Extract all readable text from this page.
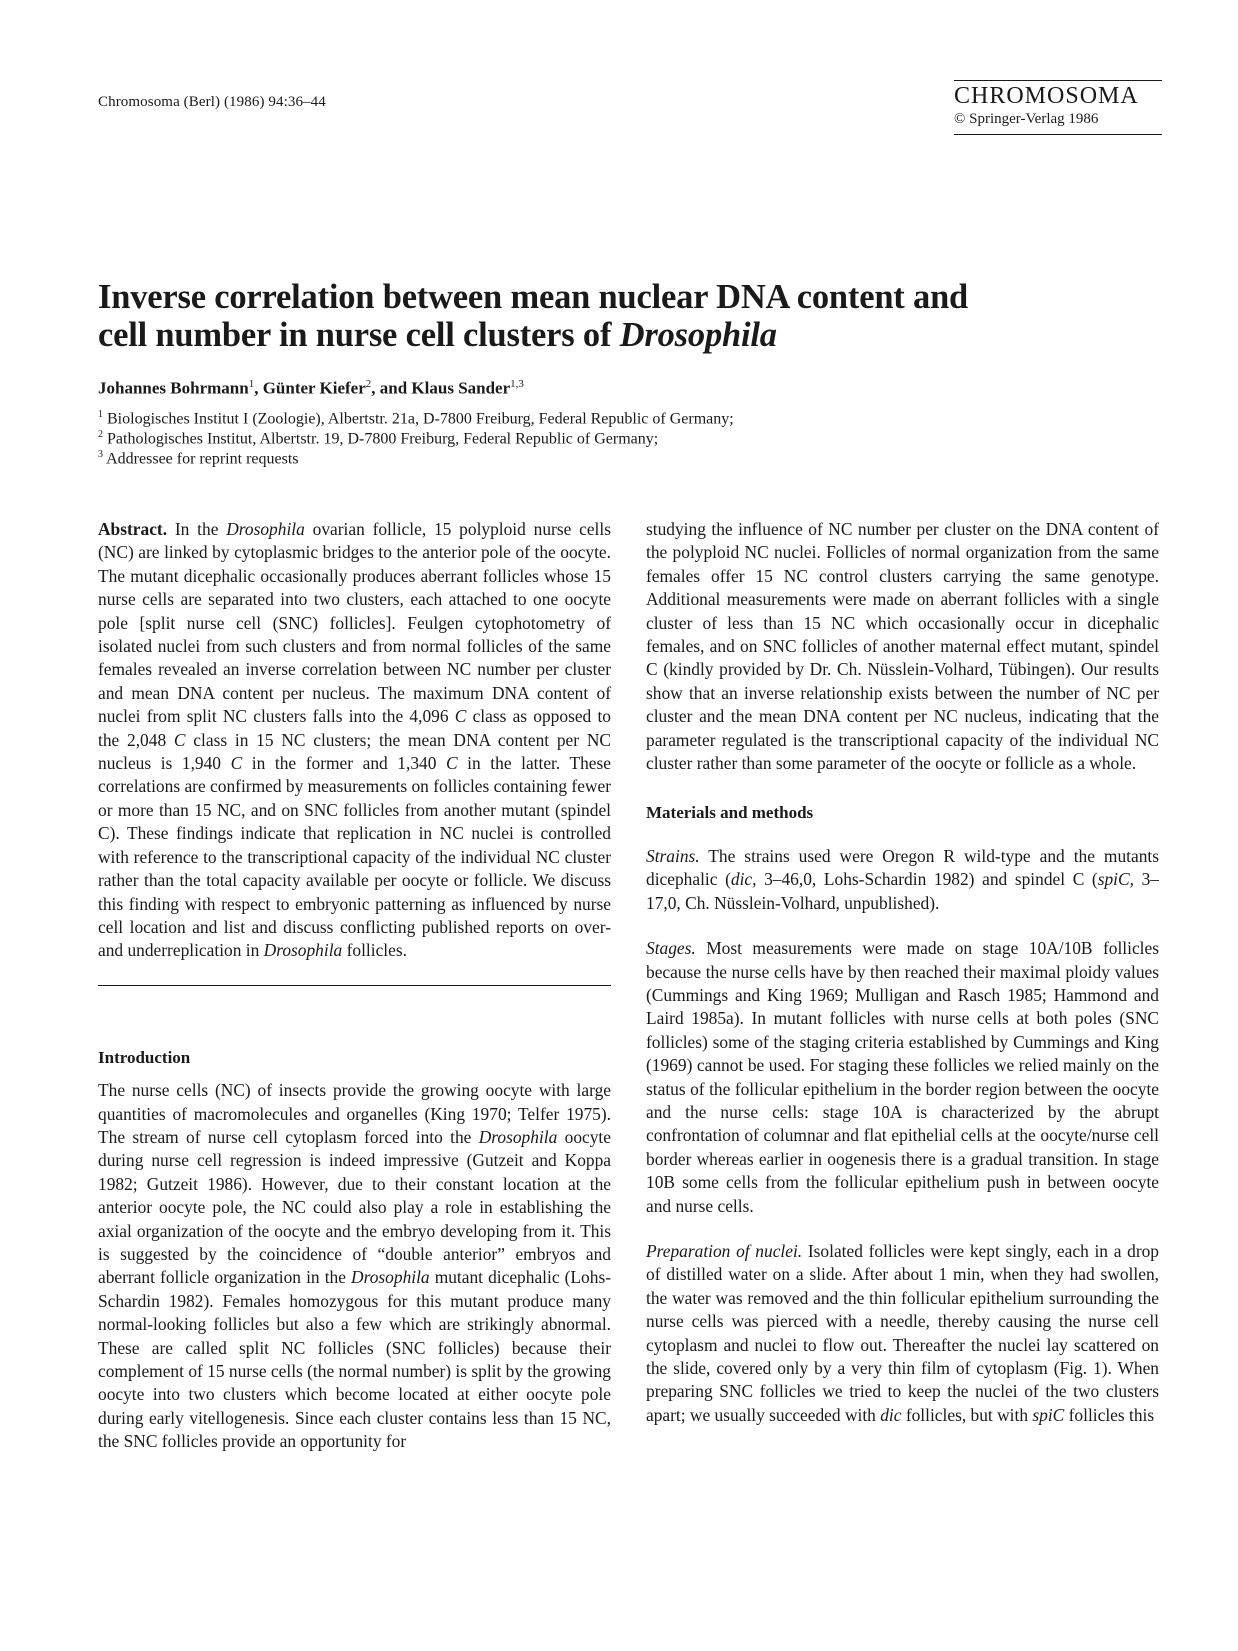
Chromosoma (Berl) (1986) 94:36–44	CHROMOSOMA
© Springer-Verlag 1986
Inverse correlation between mean nuclear DNA content and
cell number in nurse cell clusters of Drosophila
Johannes Bohrmann$^1$, Günter Kiefer$^2$, and Klaus Sander$^{1,3}$
$^1$ Biologisches Institut I (Zoologie), Albertstr. 21a, D-7800 Freiburg, Federal Republic of Germany;
$^2$ Pathologisches Institut, Albertstr. 19, D-7800 Freiburg, Federal Republic of Germany;
$^3$ Addressee for reprint requests

Abstract. In the Drosophila ovarian follicle, 15 polyploid nurse cells (NC) are linked by cytoplasmic bridges to the anterior pole of the oocyte. The mutant dicephalic occasionally produces aberrant follicles whose 15 nurse cells are separated into two clusters, each attached to one oocyte pole [split nurse cell (SNC) follicles]. Feulgen cytophotometry of isolated nuclei from such clusters and from normal follicles of the same females revealed an inverse correlation between NC number per cluster and mean DNA content per nucleus. The maximum DNA content of nuclei from split NC clusters falls into the 4,096 C class as opposed to the 2,048 C class in 15 NC clusters; the mean DNA content per NC nucleus is 1,940 C in the former and 1,340 C in the latter. These correlations are confirmed by measurements on follicles containing fewer or more than 15 NC, and on SNC follicles from another mutant (spindel C). These findings indicate that replication in NC nuclei is controlled with reference to the transcriptional capacity of the individual NC cluster rather than the total capacity available per oocyte or follicle. We discuss this finding with respect to embryonic patterning as influenced by nurse cell location and list and discuss conflicting published reports on over- and underreplication in Drosophila follicles.

Introduction

The nurse cells (NC) of insects provide the growing oocyte with large quantities of macromolecules and organelles (King 1970; Telfer 1975). The stream of nurse cell cytoplasm forced into the Drosophila oocyte during nurse cell regression is indeed impressive (Gutzeit and Koppa 1982; Gutzeit 1986). However, due to their constant location at the anterior oocyte pole, the NC could also play a role in establishing the axial organization of the oocyte and the embryo developing from it. This is suggested by the coincidence of “double anterior” embryos and aberrant follicle organization in the Drosophila mutant dicephalic (Lohs-Schardin 1982). Females homozygous for this mutant produce many normal-looking follicles but also a few which are strikingly abnormal. These are called split NC follicles (SNC follicles) because their complement of 15 nurse cells (the normal number) is split by the growing oocyte into two clusters which become located at either oocyte pole during early vitellogenesis. Since each cluster contains less than 15 NC, the SNC follicles provide an opportunity for

studying the influence of NC number per cluster on the DNA content of the polyploid NC nuclei. Follicles of normal organization from the same females offer 15 NC control clusters carrying the same genotype. Additional measurements were made on aberrant follicles with a single cluster of less than 15 NC which occasionally occur in dicephalic females, and on SNC follicles of another maternal effect mutant, spindel C (kindly provided by Dr. Ch. Nüsslein-Volhard, Tübingen). Our results show that an inverse relationship exists between the number of NC per cluster and the mean DNA content per NC nucleus, indicating that the parameter regulated is the transcriptional capacity of the individual NC cluster rather than some parameter of the oocyte or follicle as a whole.

Materials and methods

Strains. The strains used were Oregon R wild-type and the mutants dicephalic (dic, 3–46,0, Lohs-Schardin 1982) and spindel C (spiC, 3–17,0, Ch. Nüsslein-Volhard, unpublished).

Stages. Most measurements were made on stage 10A/10B follicles because the nurse cells have by then reached their maximal ploidy values (Cummings and King 1969; Mulligan and Rasch 1985; Hammond and Laird 1985a). In mutant follicles with nurse cells at both poles (SNC follicles) some of the staging criteria established by Cummings and King (1969) cannot be used. For staging these follicles we relied mainly on the status of the follicular epithelium in the border region between the oocyte and the nurse cells: stage 10A is characterized by the abrupt confrontation of columnar and flat epithelial cells at the oocyte/nurse cell border whereas earlier in oogenesis there is a gradual transition. In stage 10B some cells from the follicular epithelium push in between oocyte and nurse cells.

Preparation of nuclei. Isolated follicles were kept singly, each in a drop of distilled water on a slide. After about 1 min, when they had swollen, the water was removed and the thin follicular epithelium surrounding the nurse cells was pierced with a needle, thereby causing the nurse cell cytoplasm and nuclei to flow out. Thereafter the nuclei lay scattered on the slide, covered only by a very thin film of cytoplasm (Fig. 1). When preparing SNC follicles we tried to keep the nuclei of the two clusters apart; we usually succeeded with dic follicles, but with spiC follicles this
